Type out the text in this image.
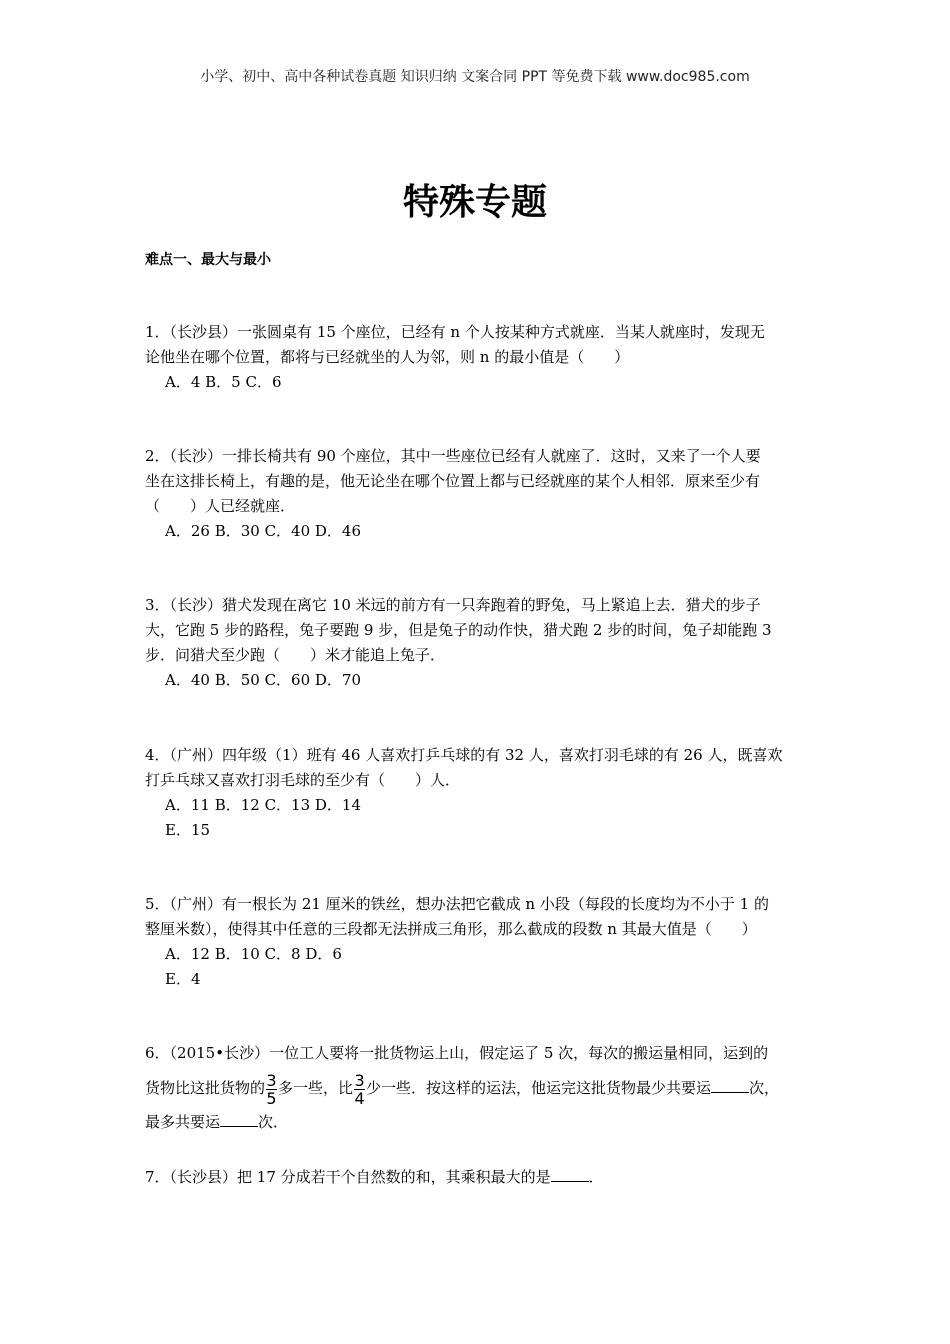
小学、初中、高中各种试卷真题 知识归纳 文案合同 PPT 等免费下载 www.doc985.com
特殊专题
难点一、最大与最小
1．（长沙县）一张圆桌有 15 个座位，已经有 n 个人按某种方式就座．当某人就座时，发现无
论他坐在哪个位置，都将与已经就坐的人为邻，则 n 的最小值是（　　）
A．4 B．5 C．6
2．（长沙）一排长椅共有 90 个座位，其中一些座位已经有人就座了．这时，又来了一个人要
坐在这排长椅上，有趣的是，他无论坐在哪个位置上都与已经就座的某个人相邻．原来至少有
（　　）人已经就座．
A．26 B．30 C．40 D．46
3．（长沙）猎犬发现在离它 10 米远的前方有一只奔跑着的野兔，马上紧追上去．猎犬的步子
大，它跑 5 步的路程，兔子要跑 9 步，但是兔子的动作快，猎犬跑 2 步的时间，兔子却能跑 3
步．问猎犬至少跑（　　）米才能追上兔子．
A．40 B．50 C．60 D．70
4．（广州）四年级（1）班有 46 人喜欢打乒乓球的有 32 人，喜欢打羽毛球的有 26 人，既喜欢
打乒乓球又喜欢打羽毛球的至少有（　　）人．
A．11 B．12 C．13 D．14
E．15
5．（广州）有一根长为 21 厘米的铁丝，想办法把它截成 n 小段（每段的长度均为不小于 1 的
整厘米数），使得其中任意的三段都无法拼成三角形，那么截成的段数 n 其最大值是（　　）
A．12 B．10 C．8 D．6
E．4
6．（2015•长沙）一位工人要将一批货物运上山，假定运了 5 次，每次的搬运量相同，运到的
货物比这批货物的 $\frac{3}{5}$ 多一些，比 $\frac{3}{4}$ 少一些．按这样的运法，他运完这批货物最少共要运	次，
最多共要运	次．
7．（长沙县）把 17 分成若干个自然数的和，其乘积最大的是	．
